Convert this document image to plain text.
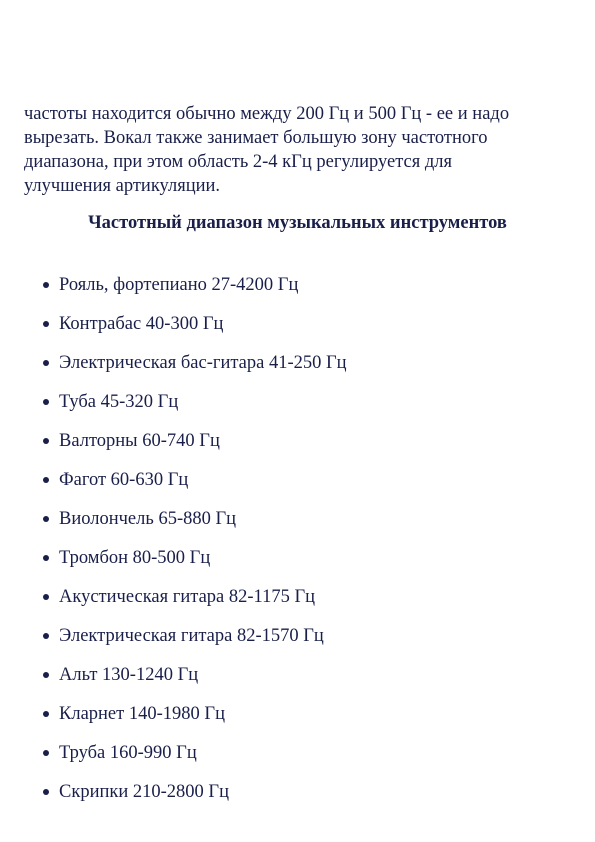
частоты находится обычно между 200 Гц и 500 Гц - ее и надо
вырезать. Вокал также занимает большую зону частотного
диапазона, при этом область 2-4 кГц регулируется для
улучшения артикуляции.

Частотный диапазон музыкальных инструментов
Рояль, фортепиано 27-4200 Гц
Контрабас 40-300 Гц
Электрическая бас-гитара 41-250 Гц
Туба 45-320 Гц
Валторны 60-740 Гц
Фагот 60-630 Гц
Виолончель 65-880 Гц
Тромбон 80-500 Гц
Акустическая гитара 82-1175 Гц
Электрическая гитара 82-1570 Гц
Альт 130-1240 Гц
Кларнет 140-1980 Гц
Труба 160-990 Гц
Скрипки 210-2800 Гц
